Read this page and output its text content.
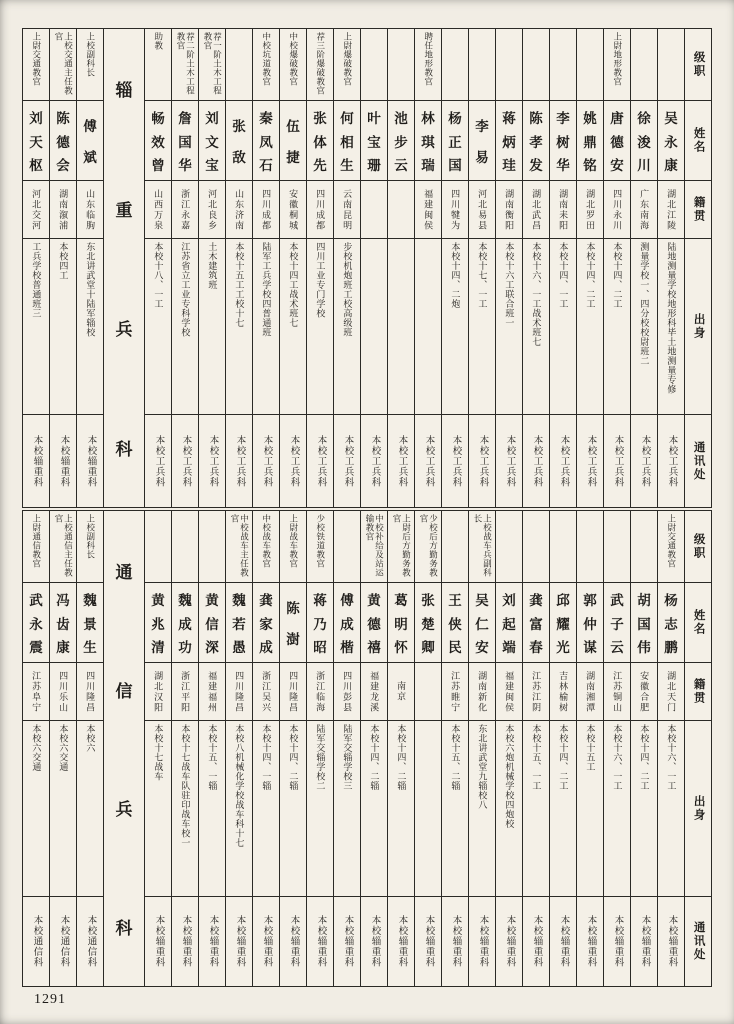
上尉交通教官
刘
天
枢
河北交河
工兵学校普通班三
本校辎重科
上校交通主任教官
陈
德
会
湖南溆浦
本校四工
本校辎重科
上校副科长
傅
斌
山东临朐
东北讲武堂十陆军辎校
本校辎重科
辎
重
兵
科
助教
畅
效
曾
山西万泉
本校十八、一工
本校工兵科
荐二阶土木工程教官
詹
国
华
浙江永嘉
江苏省立工业专科学校
本校工兵科
荐一阶土木工程教官
刘
文
宝
河北良乡
土木建筑班
本校工兵科
张
敌
山东济南
本校十五工工校十七
本校工兵科
中校坑道教官
秦
凤
石
四川成都
陆军工兵学校四普通班
本校工兵科
中校爆破教官
伍
捷
安徽桐城
本校十四工战术班七
本校工兵科
荐三阶爆破教官
张
体
先
四川成都
四川工业专门学校
本校工兵科
上尉爆破教官
何
相
生
云南昆明
步校机炮班工校高级班
本校工兵科
叶
宝
珊
本校工兵科
池
步
云
本校工兵科
聘任地形教官
林
琪
瑞
福建闽侯
本校工兵科
杨
正
国
四川犍为
本校十四、二炮
本校工兵科
李
易
河北易县
本校十七、一工
本校工兵科
蒋
炳
珪
湖南衡阳
本校十六工联合班一
本校工兵科
陈
孝
发
湖北武昌
本校十六、一工战术班七
本校工兵科
李
树
华
湖南耒阳
本校十四、一工
本校工兵科
姚
鼎
铭
湖北罗田
本校十四、二工
本校工兵科
上尉地形教官
唐
德
安
四川永川
本校十四、二工
本校工兵科
徐
浚
川
广东南海
测量学校一、四分校校尉班二
本校工兵科
吴
永
康
湖北江陵
陆地测量学校地形科毕土地测量专修
本校工兵科
级职
姓名
籍贯
出身
通讯处
上尉通信教官
武
永
震
江苏阜宁
本校六交通
本校通信科
上校通信主任教官
冯
齿
康
四川乐山
本校六交通
本校通信科
上校副科长
魏
景
生
四川隆昌
本校六
本校通信科
通
信
兵
科
黄
兆
清
湖北汉阳
本校十七战车
本校辎重科
魏
成
功
浙江平阳
本校十七战车队驻印战车校一
本校辎重科
黄
信
深
福建福州
本校十五、一辎
本校辎重科
中校战车主任教官
魏
若
愚
四川隆昌
本校八机械化学校战车科十七
本校辎重科
中校战车教官
龚
家
成
浙江吴兴
本校十四、一辎
本校辎重科
上尉战车教官
陈
澍
四川隆昌
本校十四、二辎
本校辎重科
少校铁道教官
蒋
乃
昭
浙江临海
陆军交辎学校二
本校辎重科
傅
成
楷
四川彭县
陆军交辎学校三
本校辎重科
中校补给及站运输教官
黄
德
禧
福建龙溪
本校十四、二辎
本校辎重科
上尉后方勤务教官
葛
明
怀
南京
本校十四、二辎
本校辎重科
少校后方勤务教官
张
楚
卿
本校辎重科
王
侠
民
江苏睢宁
本校十五、二辎
本校辎重科
上校战车兵副科长
吴
仁
安
湖南新化
东北讲武堂九辎校八
本校辎重科
刘
起
端
福建闽侯
本校六炮机械学校四炮校
本校辎重科
龚
富
春
江苏江阴
本校十五、一工
本校辎重科
邱
耀
光
吉林榆树
本校十四、二工
本校辎重科
郭
仲
谋
湖南湘潭
本校十五工
本校辎重科
武
子
云
江苏铜山
本校十六、一工
本校辎重科
胡
国
伟
安徽合肥
本校十四、二工
本校辎重科
上尉交通教官
杨
志
鹏
湖北天门
本校十六、一工
本校辎重科
级职
姓名
籍贯
出身
通讯处
1291
